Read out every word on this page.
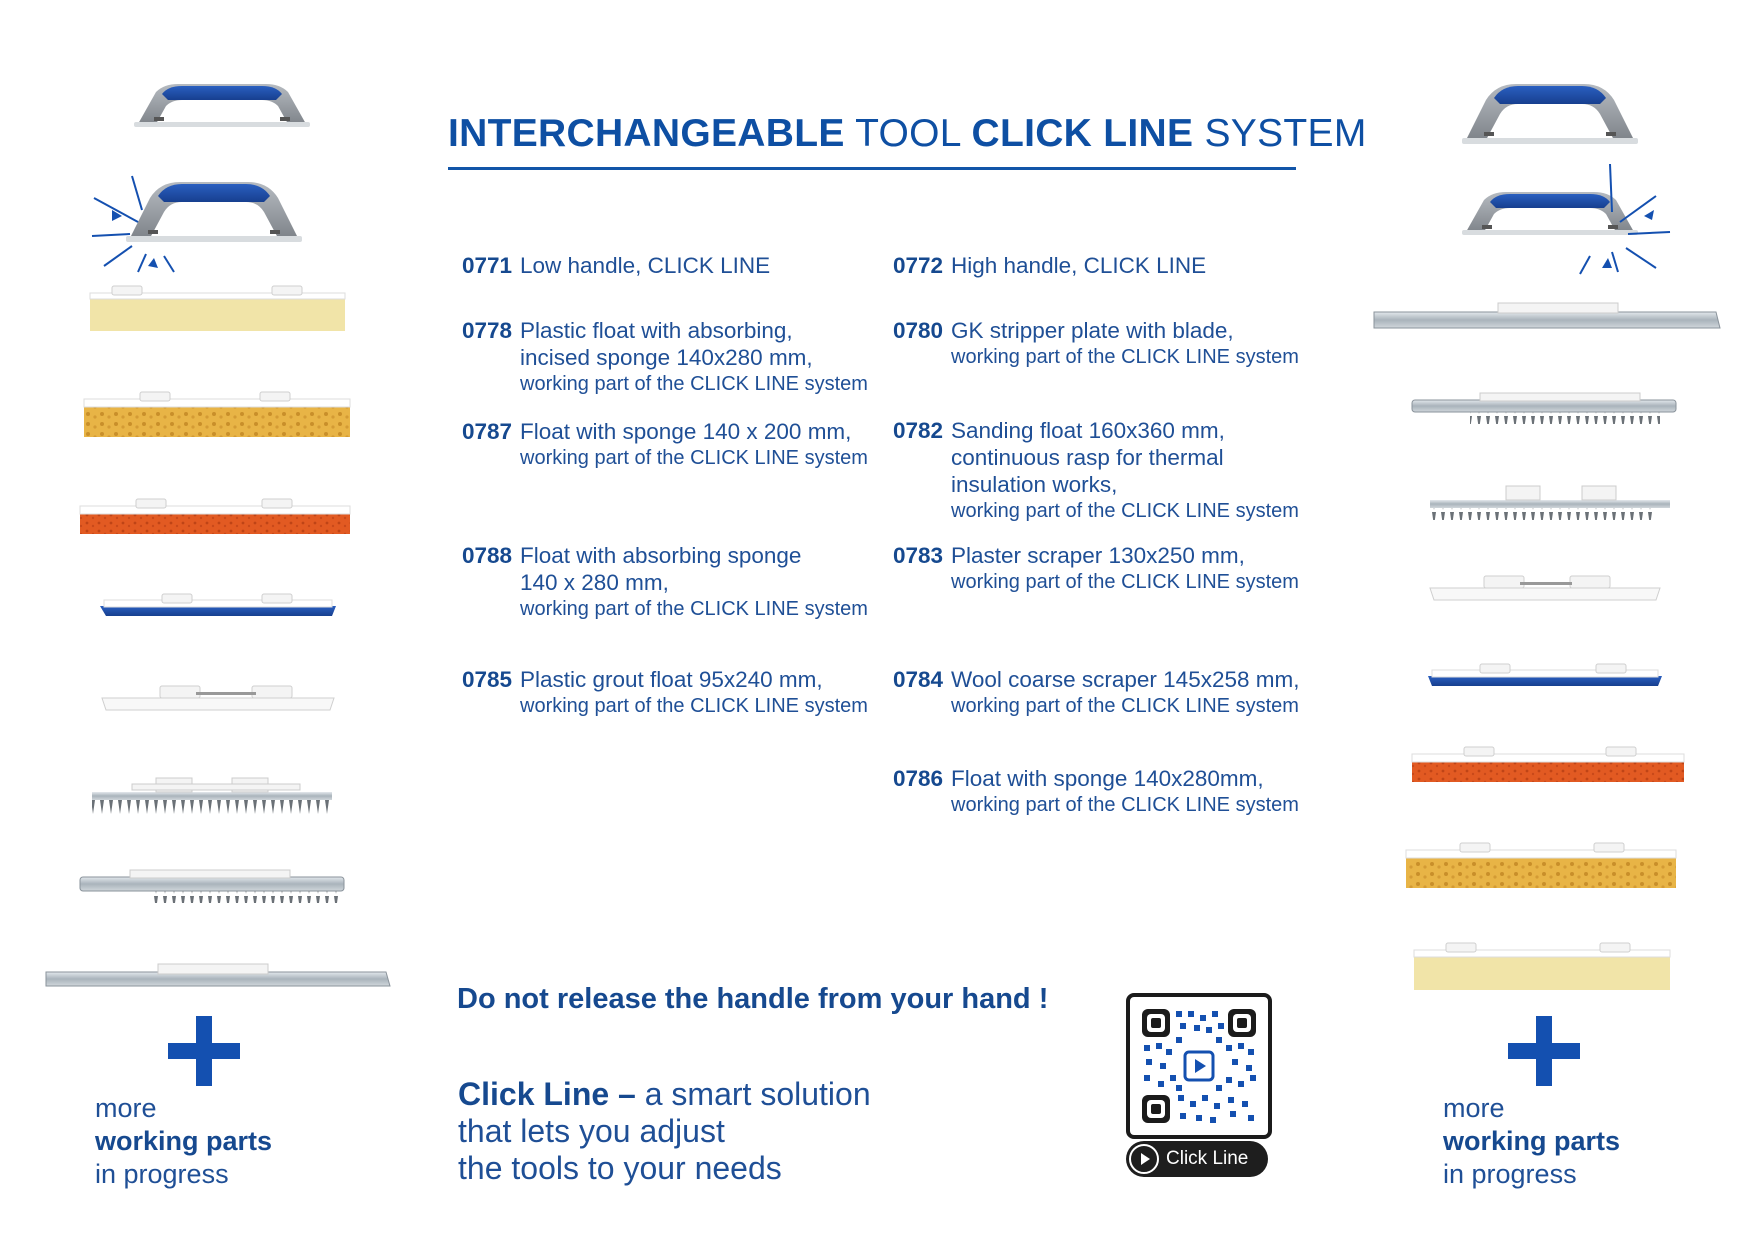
INTERCHANGEABLE TOOL CLICK LINE SYSTEM
0771 Low handle, CLICK LINE
0778 Plastic float with absorbing,
incised sponge 140x280 mm,
working part of the CLICK LINE system
0787 Float with sponge 140 x 200 mm,
working part of the CLICK LINE system
0788 Float with absorbing sponge
140 x 280 mm,
working part of the CLICK LINE system
0785 Plastic grout float 95x240 mm,
working part of the CLICK LINE system
0772 High handle, CLICK LINE
0780 GK stripper plate with blade,
working part of the CLICK LINE system
0782 Sanding float 160x360 mm,
continuous rasp for thermal
insulation works,
working part of the CLICK LINE system
0783 Plaster scraper 130x250 mm,
working part of the CLICK LINE system
0784 Wool coarse scraper 145x258 mm,
working part of the CLICK LINE system
0786 Float with sponge 140x280mm,
working part of the CLICK LINE system
Do not release the handle from your hand !
Click Line – a smart solution
that lets you adjust
the tools to your needs
more
working parts
in progress
more
working parts
in progress
Click Line
